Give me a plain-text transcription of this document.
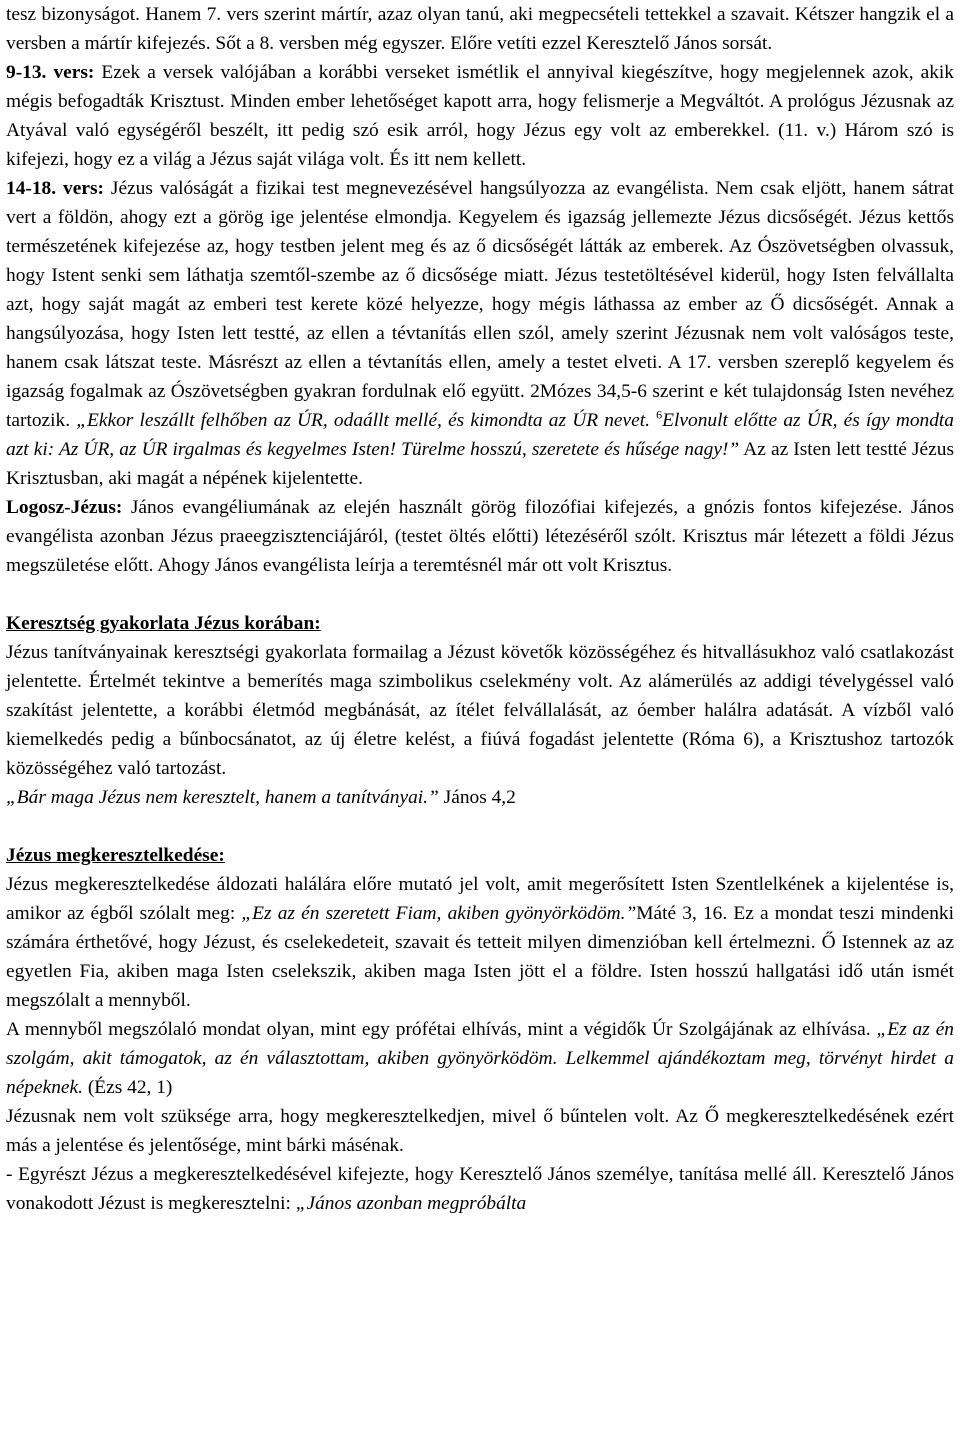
tesz bizonyságot. Hanem 7. vers szerint mártír, azaz olyan tanú, aki megpecsételi tettekkel a szavait. Kétszer hangzik el a versben a mártír kifejezés. Sőt a 8. versben még egyszer. Előre vetíti ezzel Keresztelő János sorsát.

9-13. vers: Ezek a versek valójában a korábbi verseket ismétlik el annyival kiegészítve, hogy megjelennek azok, akik mégis befogadták Krisztust. Minden ember lehetőséget kapott arra, hogy felismerje a Megváltót. A prológus Jézusnak az Atyával való egységéről beszélt, itt pedig szó esik arról, hogy Jézus egy volt az emberekkel. (11. v.) Három szó is kifejezi, hogy ez a világ a Jézus saját világa volt. És itt nem kellett.

14-18. vers: Jézus valóságát a fizikai test megnevezésével hangsúlyozza az evangélista. Nem csak eljött, hanem sátrat vert a földön, ahogy ezt a görög ige jelentése elmondja. Kegyelem és igazság jellemezte Jézus dicsőségét. Jézus kettős természetének kifejezése az, hogy testben jelent meg és az ő dicsőségét látták az emberek. Az Ószövetségben olvassuk, hogy Istent senki sem láthatja szemtől-szembe az ő dicsősége miatt. Jézus testetöltésével kiderül, hogy Isten felvállalta azt, hogy saját magát az emberi test kerete közé helyezze, hogy mégis láthassa az ember az Ő dicsőségét. Annak a hangsúlyozása, hogy Isten lett testté, az ellen a tévtanítás ellen szól, amely szerint Jézusnak nem volt valóságos teste, hanem csak látszat teste. Másrészt az ellen a tévtanítás ellen, amely a testet elveti. A 17. versben szereplő kegyelem és igazság fogalmak az Ószövetségben gyakran fordulnak elő együtt. 2Mózes 34,5-6 szerint e két tulajdonság Isten nevéhez tartozik. „Ekkor leszállt felhőben az ÚR, odaállt mellé, és kimondta az ÚR nevet. $^6$Elvonult előtte az ÚR, és így mondta azt ki: Az ÚR, az ÚR irgalmas és kegyelmes Isten! Türelme hosszú, szeretete és hűsége nagy!” Az az Isten lett testté Jézus Krisztusban, aki magát a népének kijelentette.

Logosz-Jézus: János evangéliumának az elején használt görög filozófiai kifejezés, a gnózis fontos kifejezése. János evangélista azonban Jézus praeegzisztenciájáról, (testet öltés előtti) létezéséről szólt. Krisztus már létezett a földi Jézus megszületése előtt. Ahogy János evangélista leírja a teremtésnél már ott volt Krisztus.

Keresztség gyakorlata Jézus korában:

Jézus tanítványainak keresztségi gyakorlata formailag a Jézust követők közösségéhez és hitvallásukhoz való csatlakozást jelentette. Értelmét tekintve a bemerítés maga szimbolikus cselekmény volt. Az alámerülés az addigi tévelygéssel való szakítást jelentette, a korábbi életmód megbánását, az ítélet felvállalását, az óember halálra adatását. A vízből való kiemelkedés pedig a bűnbocsánatot, az új életre kelést, a fiúvá fogadást jelentette (Róma 6), a Krisztushoz tartozók közösségéhez való tartozást.

„Bár maga Jézus nem keresztelt, hanem a tanítványai.” János 4,2

Jézus megkeresztelkedése:

Jézus megkeresztelkedése áldozati halálára előre mutató jel volt, amit megerősített Isten Szentlelkének a kijelentése is, amikor az égből szólalt meg: „Ez az én szeretett Fiam, akiben gyönyörködöm.”Máté 3, 16. Ez a mondat teszi mindenki számára érthetővé, hogy Jézust, és cselekedeteit, szavait és tetteit milyen dimenzióban kell értelmezni. Ő Istennek az az egyetlen Fia, akiben maga Isten cselekszik, akiben maga Isten jött el a földre. Isten hosszú hallgatási idő után ismét megszólalt a mennyből.

A mennyből megszólaló mondat olyan, mint egy prófétai elhívás, mint a végidők Úr Szolgájának az elhívása. „Ez az én szolgám, akit támogatok, az én választottam, akiben gyönyörködöm. Lelkemmel ajándékoztam meg, törvényt hirdet a népeknek. (Ézs 42, 1)

Jézusnak nem volt szüksége arra, hogy megkeresztelkedjen, mivel ő bűntelen volt. Az Ő megkeresztelkedésének ezért más a jelentése és jelentősége, mint bárki másénak.

- Egyrészt Jézus a megkeresztelkedésével kifejezte, hogy Keresztelő János személye, tanítása mellé áll. Keresztelő János vonakodott Jézust is megkeresztelni: „János azonban megpróbálta
